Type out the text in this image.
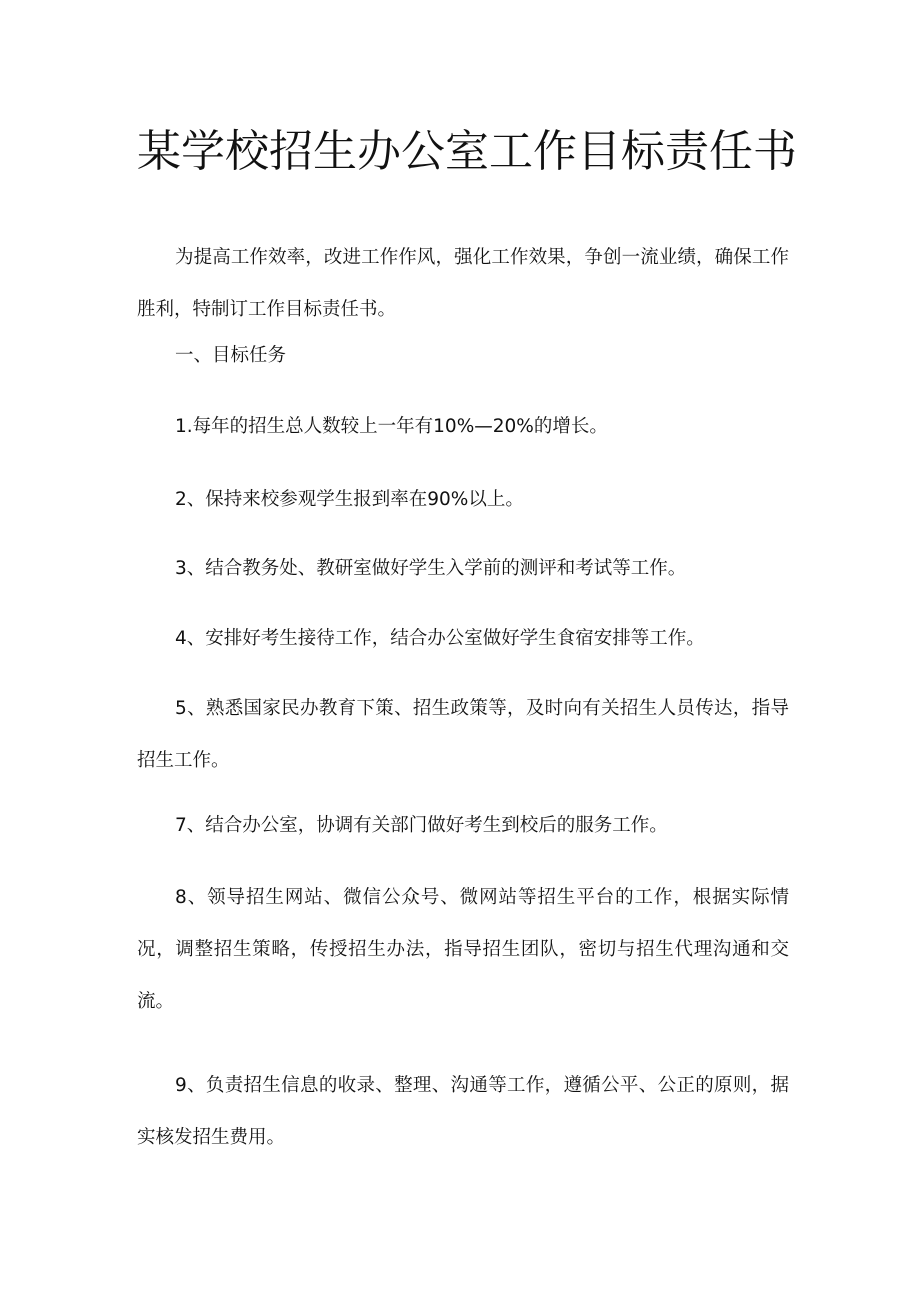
某学校招生办公室工作目标责任书

为提高工作效率，改进工作作风，强化工作效果，争创一流业绩，确保工作胜利，特制订工作目标责任书。

一、目标任务

1.每年的招生总人数较上一年有10%—20%的增长。

2、保持来校参观学生报到率在90%以上。

3、结合教务处、教研室做好学生入学前的测评和考试等工作。

4、安排好考生接待工作，结合办公室做好学生食宿安排等工作。

5、熟悉国家民办教育下策、招生政策等，及时向有关招生人员传达，指导招生工作。

7、结合办公室，协调有关部门做好考生到校后的服务工作。

8、领导招生网站、微信公众号、微网站等招生平台的工作，根据实际情况，调整招生策略，传授招生办法，指导招生团队，密切与招生代理沟通和交流。

9、负责招生信息的收录、整理、沟通等工作，遵循公平、公正的原则，据实核发招生费用。
